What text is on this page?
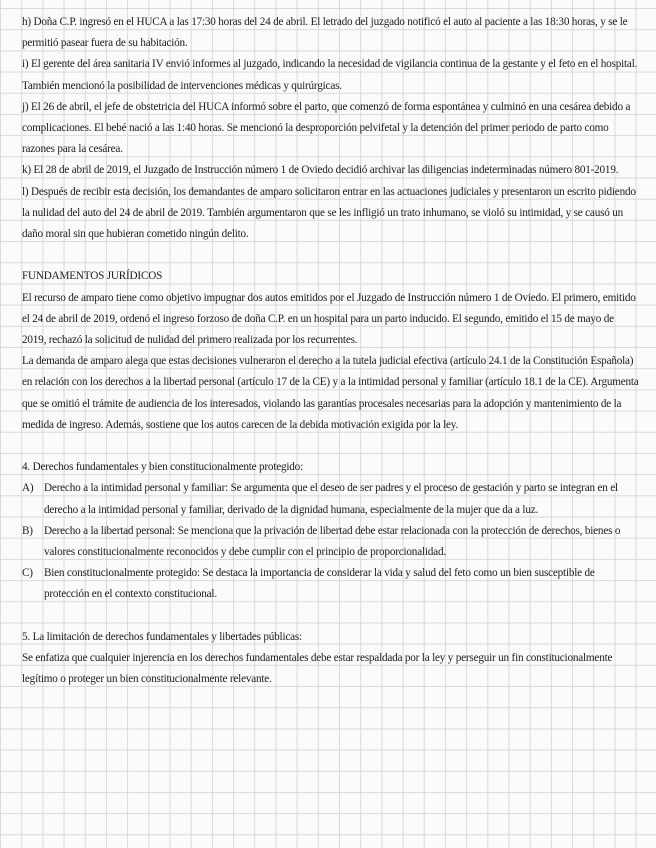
h) Doña C.P. ingresó en el HUCA a las 17:30 horas del 24 de abril. El letrado del juzgado notificó el auto al paciente a las 18:30 horas, y se le permitió pasear fuera de su habitación.

i) El gerente del área sanitaria IV envió informes al juzgado, indicando la necesidad de vigilancia continua de la gestante y el feto en el hospital. También mencionó la posibilidad de intervenciones médicas y quirúrgicas.

j) El 26 de abril, el jefe de obstetricia del HUCA informó sobre el parto, que comenzó de forma espontánea y culminó en una cesárea debido a complicaciones. El bebé nació a las 1:40 horas. Se mencionó la desproporción pelvifetal y la detención del primer periodo de parto como razones para la cesárea.

k) El 28 de abril de 2019, el Juzgado de Instrucción número 1 de Oviedo decidió archivar las diligencias indeterminadas número 801-2019.

l) Después de recibir esta decisión, los demandantes de amparo solicitaron entrar en las actuaciones judiciales y presentaron un escrito pidiendo la nulidad del auto del 24 de abril de 2019. También argumentaron que se les infligió un trato inhumano, se violó su intimidad, y se causó un daño moral sin que hubieran cometido ningún delito.

FUNDAMENTOS JURÍDICOS

El recurso de amparo tiene como objetivo impugnar dos autos emitidos por el Juzgado de Instrucción número 1 de Oviedo. El primero, emitido el 24 de abril de 2019, ordenó el ingreso forzoso de doña C.P. en un hospital para un parto inducido. El segundo, emitido el 15 de mayo de 2019, rechazó la solicitud de nulidad del primero realizada por los recurrentes.

La demanda de amparo alega que estas decisiones vulneraron el derecho a la tutela judicial efectiva (artículo 24.1 de la Constitución Española) en relación con los derechos a la libertad personal (artículo 17 de la CE) y a la intimidad personal y familiar (artículo 18.1 de la CE). Argumenta que se omitió el trámite de audiencia de los interesados, violando las garantías procesales necesarias para la adopción y mantenimiento de la medida de ingreso. Además, sostiene que los autos carecen de la debida motivación exigida por la ley.

4. Derechos fundamentales y bien constitucionalmente protegido:

A) Derecho a la intimidad personal y familiar: Se argumenta que el deseo de ser padres y el proceso de gestación y parto se integran en el derecho a la intimidad personal y familiar, derivado de la dignidad humana, especialmente de la mujer que da a luz.
B)	Derecho a la libertad personal: Se menciona que la privación de libertad debe estar relacionada con la protección de derechos, bienes o valores constitucionalmente reconocidos y debe cumplir con el principio de proporcionalidad.
C)	Bien constitucionalmente protegido: Se destaca la importancia de considerar la vida y salud del feto como un bien susceptible de protección en el contexto constitucional.

5. La limitación de derechos fundamentales y libertades públicas:

Se enfatiza que cualquier injerencia en los derechos fundamentales debe estar respaldada por la ley y perseguir un fin constitucionalmente legítimo o proteger un bien constitucionalmente relevante.
